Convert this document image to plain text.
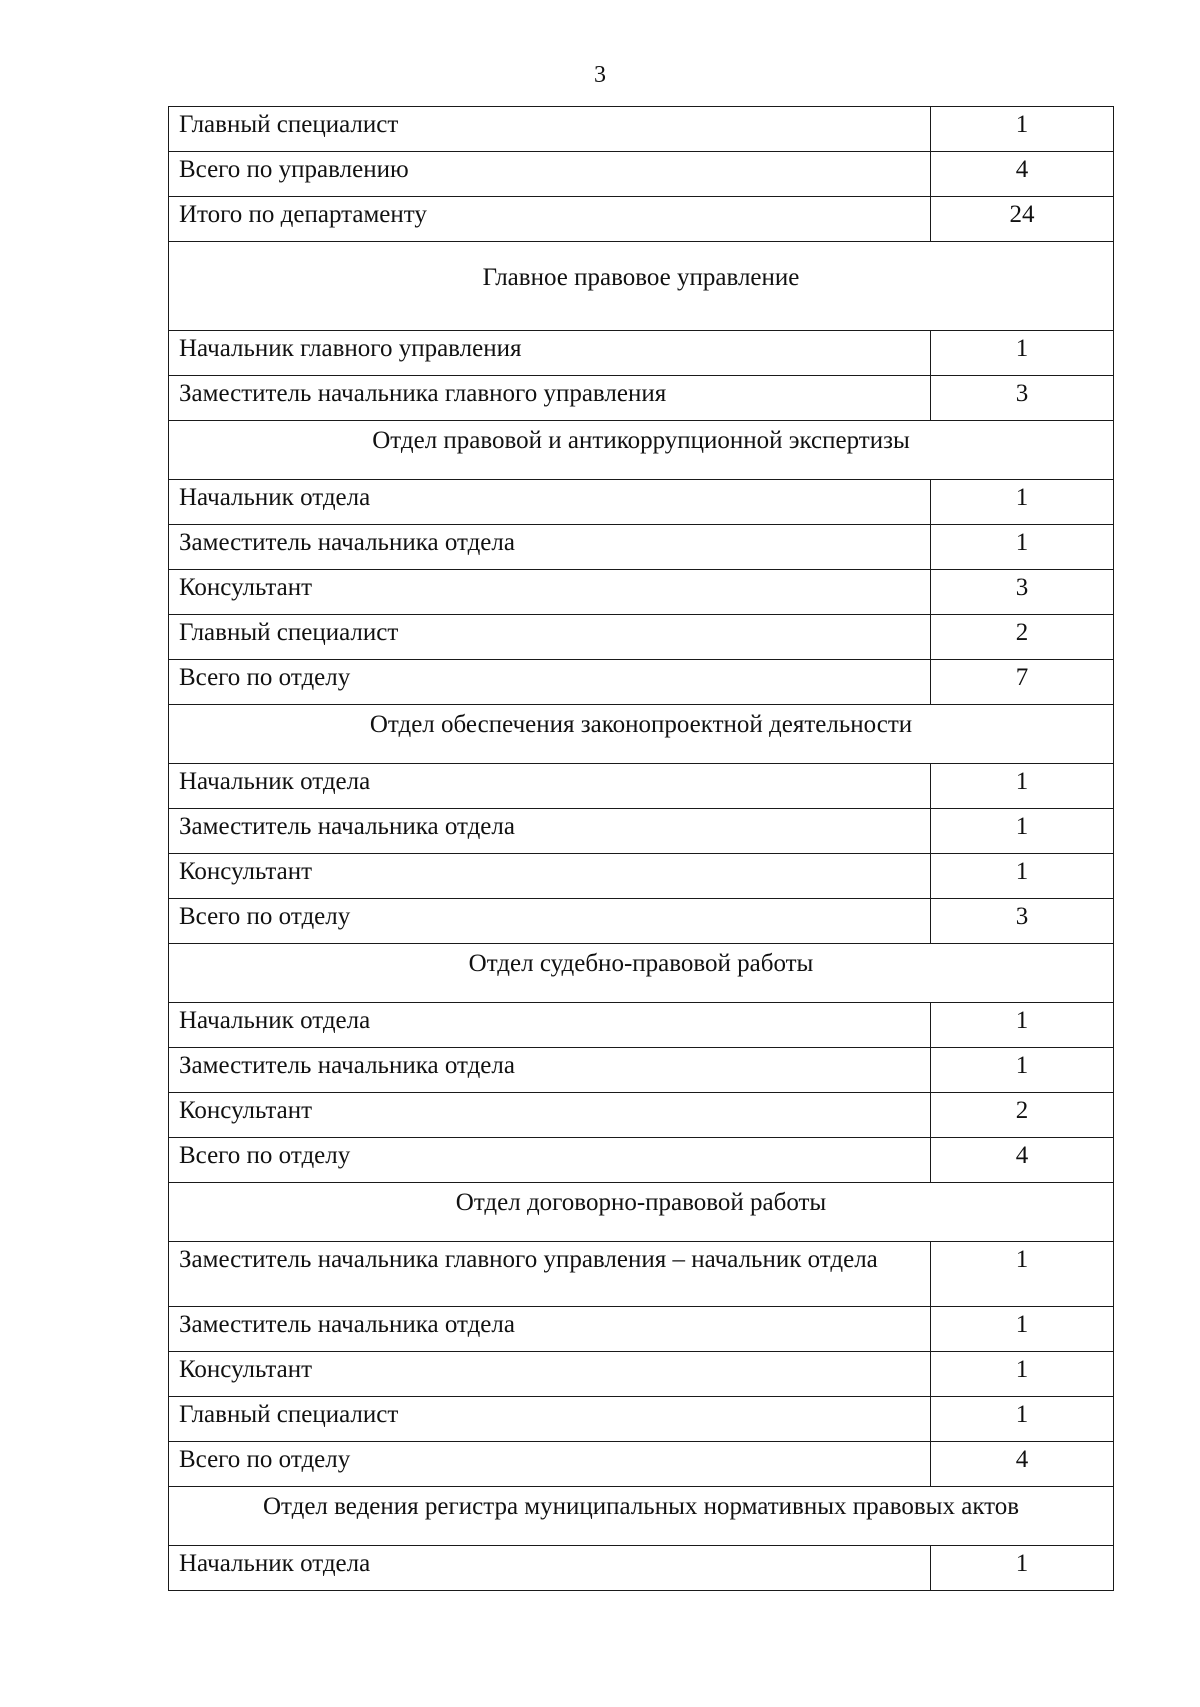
3
Главный специалист	1
Всего по управлению	4
Итого по департаменту	24
Главное правовое управление	
Начальник главного управления	1
Заместитель начальника главного управления	3
Отдел правовой и антикоррупционной экспертизы	
Начальник отдела	1
Заместитель начальника отдела	1
Консультант	3
Главный специалист	2
Всего по отделу	7
Отдел обеспечения законопроектной деятельности	
Начальник отдела	1
Заместитель начальника отдела	1
Консультант	1
Всего по отделу	3
Отдел судебно-правовой работы	
Начальник отдела	1
Заместитель начальника отдела	1
Консультант	2
Всего по отделу	4
Отдел договорно-правовой работы	
Заместитель начальника главного управления – начальник отдела	1
Заместитель начальника отдела	1
Консультант	1
Главный специалист	1
Всего по отделу	4
Отдел ведения регистра муниципальных нормативных правовых актов	
Начальник отдела	1
